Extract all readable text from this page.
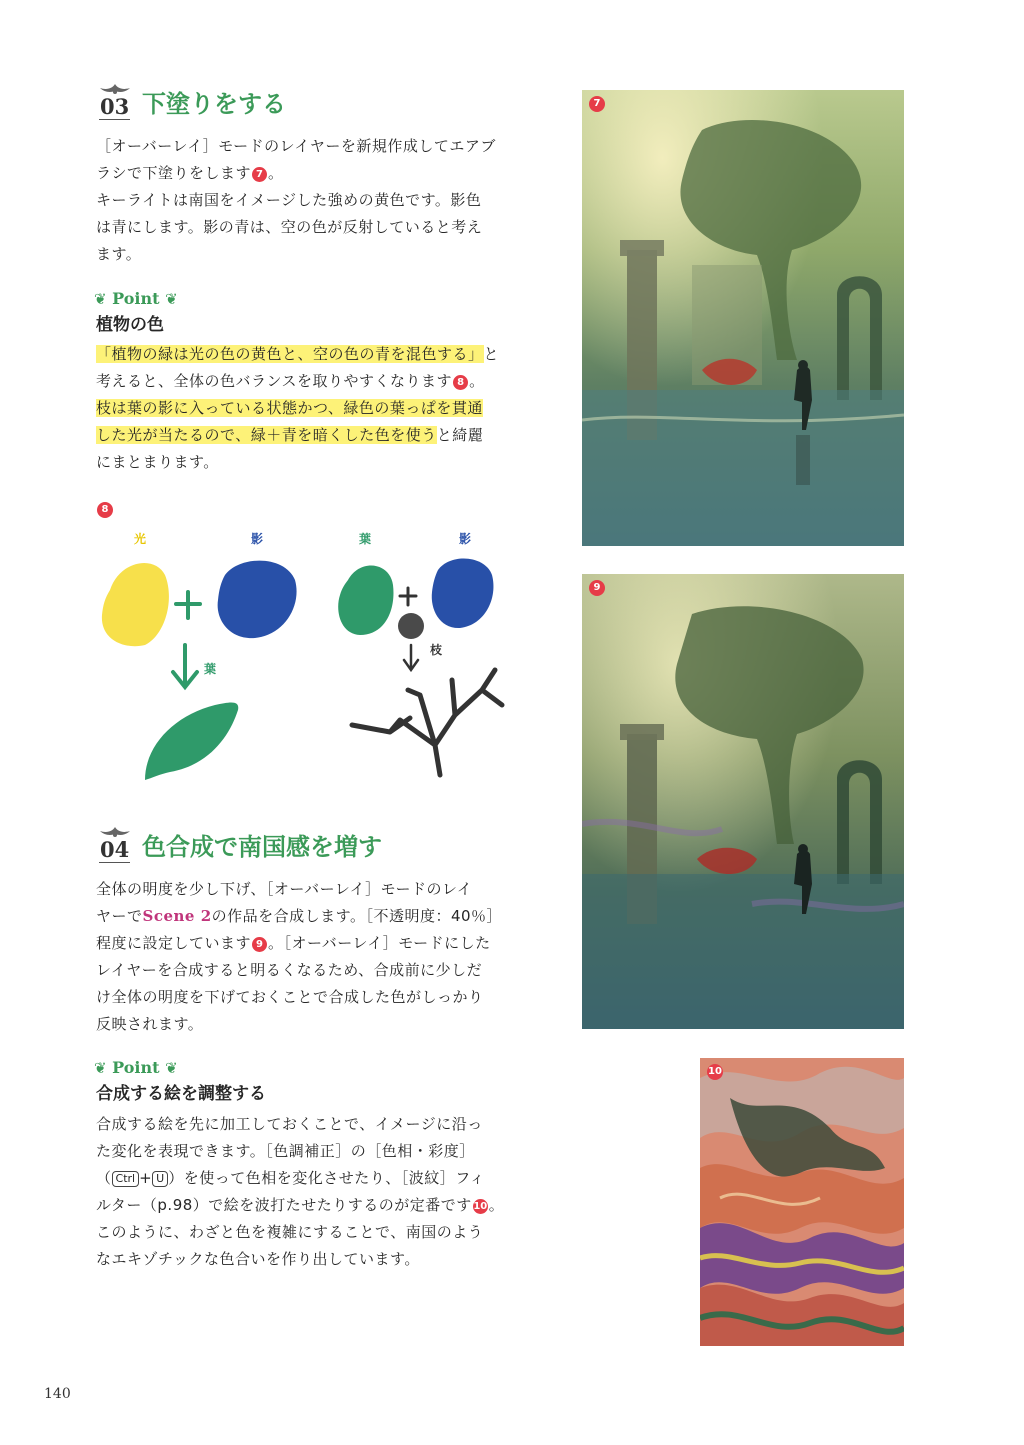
03 下塗りをする
［オーバーレイ］モードのレイヤーを新規作成してエアブ
ラシで下塗りをします 7 。
キーライトは南国をイメージした強めの黄色です。影色
は青にします。影の青は、空の色が反射していると考え
ます。
❦ Point ❦
植物の色
「植物の緑は光の色の黄色と、空の色の青を混色する」と
考えると、全体の色バランスを取りやすくなります 8 。
枝は葉の影に入っている状態かつ、緑色の葉っぱを貫通
した光が当たるので、緑＋青を暗くした色を使うと綺麗
にまとまります。
8
光	影	葉	影
葉
枝
04 色合成で南国感を増す
全体の明度を少し下げ、［オーバーレイ］モードのレイ
ヤーでScene 2の作品を合成します。［不透明度：40％］
程度に設定しています 9 。［オーバーレイ］モードにした
レイヤーを合成すると明るくなるため、合成前に少しだ
け全体の明度を下げておくことで合成した色がしっかり
反映されます。
❦ Point ❦
合成する絵を調整する
合成する絵を先に加工しておくことで、イメージに沿っ
た変化を表現できます。［色調補正］の［色相・彩度］
（ Ctrl + U ）を使って色相を変化させたり、［波紋］フィ
ルター（p.98）で絵を波打たせたりするのが定番です 10 。
このように、わざと色を複雑にすることで、南国のよう
なエキゾチックな色合いを作り出しています。
7
9
10
140
